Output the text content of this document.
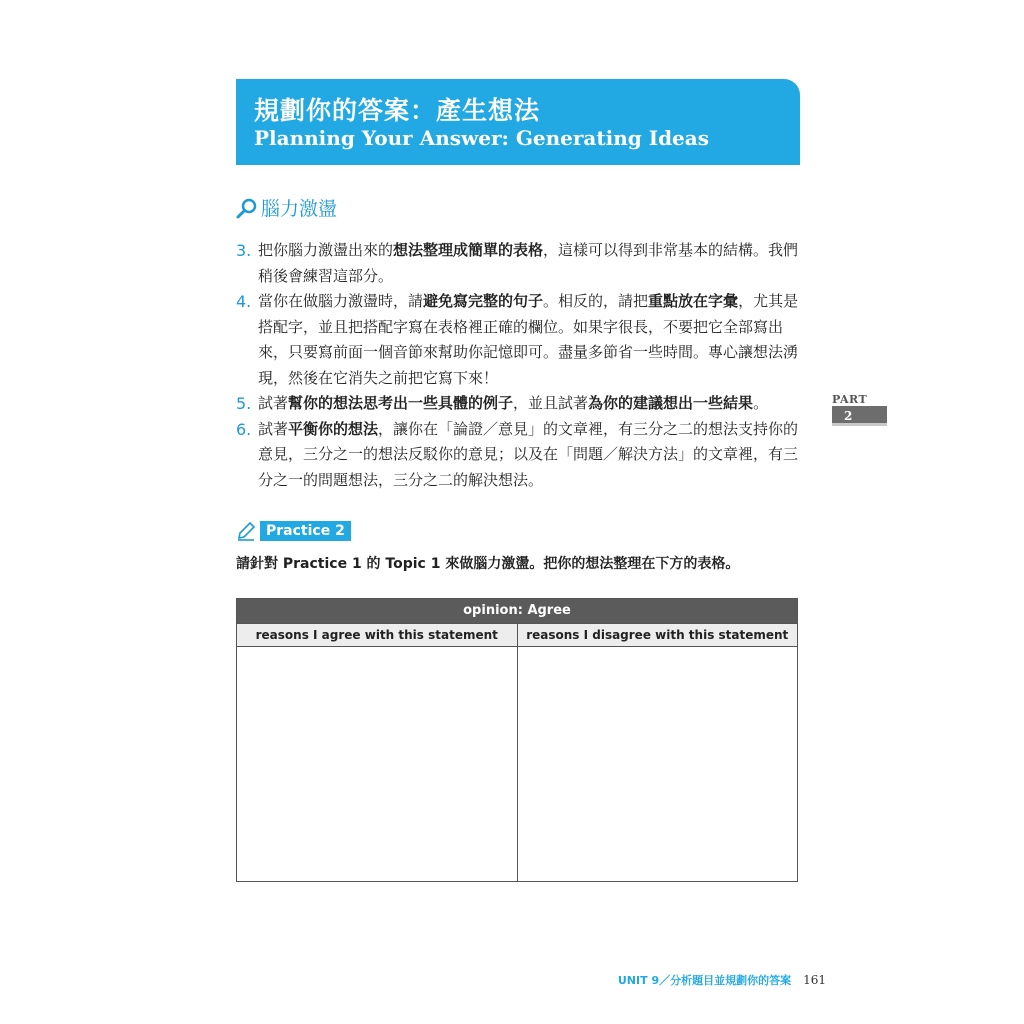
規劃你的答案：產生想法
Planning Your Answer: Generating Ideas
腦力激盪
3. 把你腦力激盪出來的想法整理成簡單的表格，這樣可以得到非常基本的結構。我們稍後會練習這部分。
4. 當你在做腦力激盪時，請避免寫完整的句子。相反的，請把重點放在字彙，尤其是搭配字，並且把搭配字寫在表格裡正確的欄位。如果字很長，不要把它全部寫出來，只要寫前面一個音節來幫助你記憶即可。盡量多節省一些時間。專心讓想法湧現，然後在它消失之前把它寫下來！
5. 試著幫你的想法思考出一些具體的例子，並且試著為你的建議想出一些結果。
6. 試著平衡你的想法，讓你在「論證／意見」的文章裡，有三分之二的想法支持你的意見，三分之一的想法反駁你的意見；以及在「問題／解決方法」的文章裡，有三分之一的問題想法，三分之二的解決想法。
PART
2
Practice 2
請針對 Practice 1 的 Topic 1 來做腦力激盪。把你的想法整理在下方的表格。
opinion: Agree
reasons I agree with this statement	reasons I disagree with this statement
UNIT 9／分析題目並規劃你的答案 161
